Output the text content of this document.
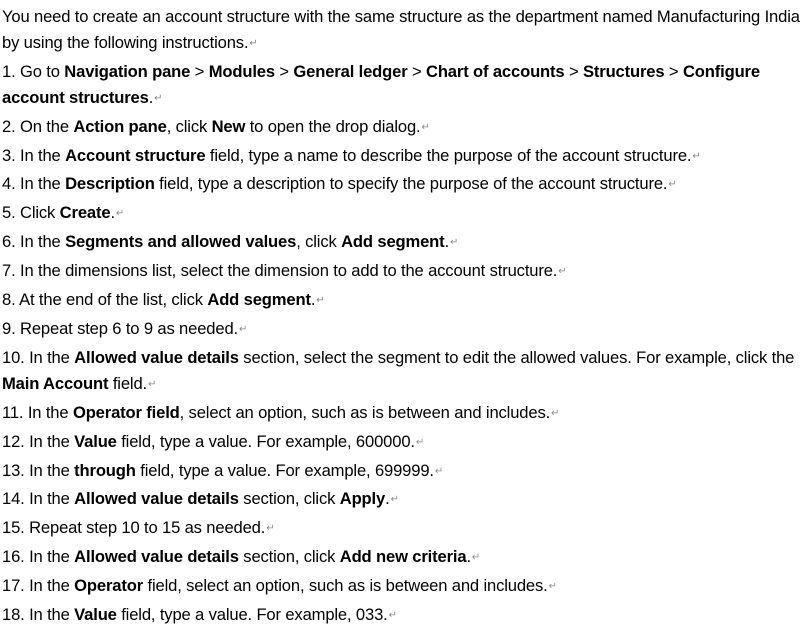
You need to create an account structure with the same structure as the department named Manufacturing India by using the following instructions.↵
1. Go to Navigation pane > Modules > General ledger > Chart of accounts > Structures > Configure account structures.↵
2. On the Action pane, click New to open the drop dialog.↵
3. In the Account structure field, type a name to describe the purpose of the account structure.↵
4. In the Description field, type a description to specify the purpose of the account structure.↵
5. Click Create.↵
6. In the Segments and allowed values, click Add segment.↵
7. In the dimensions list, select the dimension to add to the account structure.↵
8. At the end of the list, click Add segment.↵
9. Repeat step 6 to 9 as needed.↵
10. In the Allowed value details section, select the segment to edit the allowed values. For example, click the Main Account field.↵
11. In the Operator field, select an option, such as is between and includes.↵
12. In the Value field, type a value. For example, 600000.↵
13. In the through field, type a value. For example, 699999.↵
14. In the Allowed value details section, click Apply.↵
15. Repeat step 10 to 15 as needed.↵
16. In the Allowed value details section, click Add new criteria.↵
17. In the Operator field, select an option, such as is between and includes.↵
18. In the Value field, type a value. For example, 033.↵
